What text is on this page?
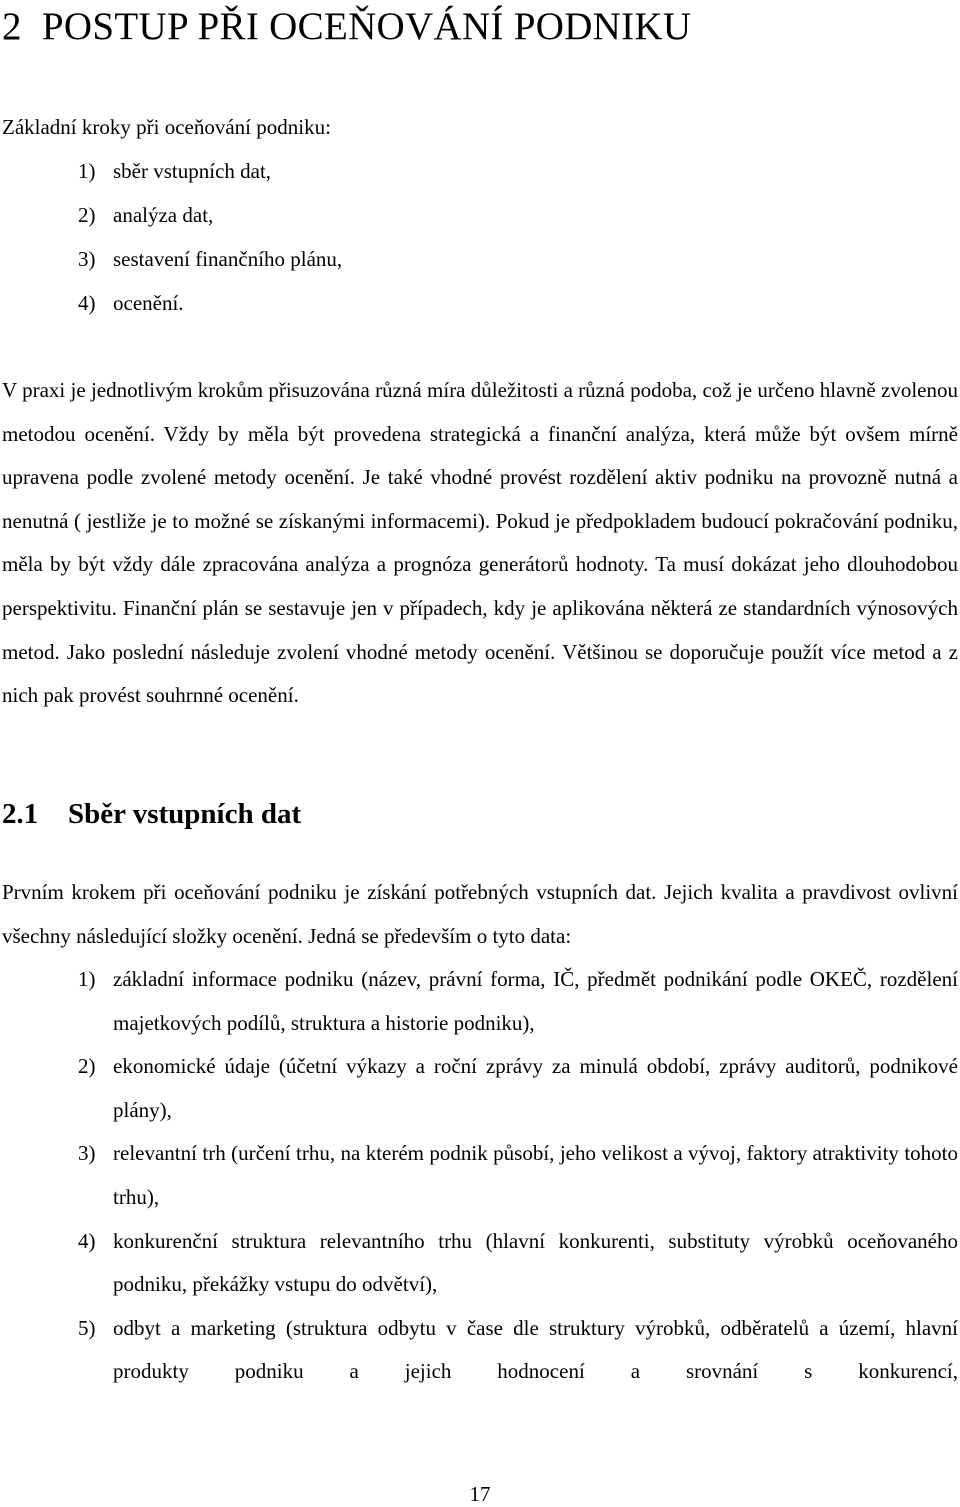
2 POSTUP PŘI OCEŇOVÁNÍ PODNIKU

Základní kroky při oceňování podniku:

1) sběr vstupních dat,
2) analýza dat,
3) sestavení finančního plánu,
4) ocenění.

V praxi je jednotlivým krokům přisuzována různá míra důležitosti a různá podoba, což je určeno hlavně zvolenou metodou ocenění. Vždy by měla být provedena strategická a finanční analýza, která může být ovšem mírně upravena podle zvolené metody ocenění. Je také vhodné provést rozdělení aktiv podniku na provozně nutná a nenutná ( jestliže je to možné se získanými informacemi). Pokud je předpokladem budoucí pokračování podniku, měla by být vždy dále zpracována analýza a prognóza generátorů hodnoty. Ta musí dokázat jeho dlouhodobou perspektivitu. Finanční plán se sestavuje jen v případech, kdy je aplikována některá ze standardních výnosových metod. Jako poslední následuje zvolení vhodné metody ocenění. Většinou se doporučuje použít více metod a z nich pak provést souhrnné ocenění.

2.1 Sběr vstupních dat

Prvním krokem při oceňování podniku je získání potřebných vstupních dat. Jejich kvalita a pravdivost ovlivní všechny následující složky ocenění. Jedná se především o tyto data:

1) základní informace podniku (název, právní forma, IČ, předmět podnikání podle OKEČ, rozdělení majetkových podílů, struktura a historie podniku),
2) ekonomické údaje (účetní výkazy a roční zprávy za minulá období, zprávy auditorů, podnikové plány),
3) relevantní trh (určení trhu, na kterém podnik působí, jeho velikost a vývoj, faktory atraktivity tohoto trhu),
4) konkurenční struktura relevantního trhu (hlavní konkurenti, substituty výrobků oceňovaného podniku, překážky vstupu do odvětví),
5) odbyt a marketing (struktura odbytu v čase dle struktury výrobků, odběratelů a území, hlavní produkty podniku a jejich hodnocení a srovnání s konkurencí,
17
